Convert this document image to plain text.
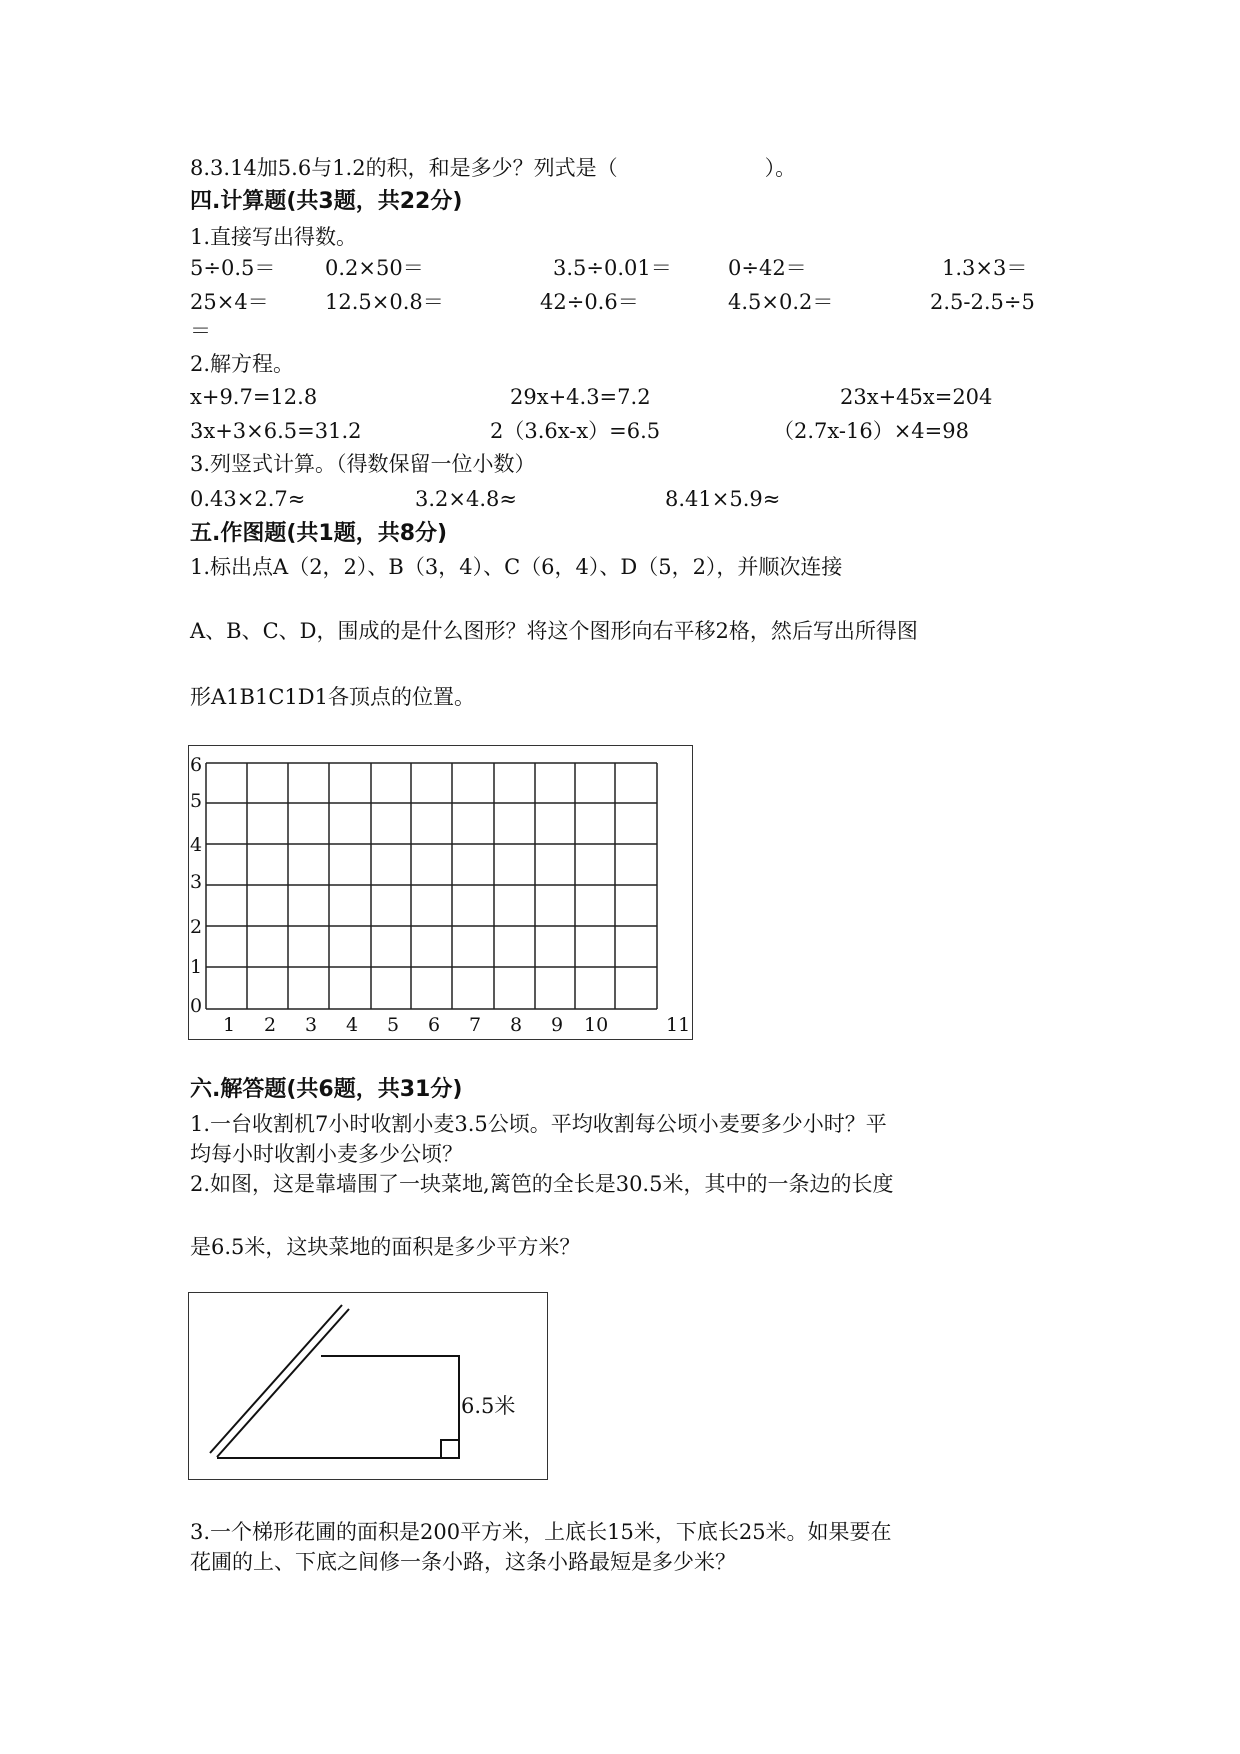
8.3.14加5.6与1.2的积，和是多少？列式是（　　　　　　　）。
四.计算题(共3题，共22分)
1.直接写出得数。
5÷0.5＝ 0.2×50＝	3.5÷0.01＝	0÷42＝	1.3×3＝
25×4＝	12.5×0.8＝	42÷0.6＝	4.5×0.2＝	2.5-2.5÷5
＝
2.解方程。
x+9.7=12.8	29x+4.3=7.2	23x+45x=204
3x+3×6.5=31.2	2（3.6x-x）=6.5	（2.7x-16）×4=98
3.列竖式计算。（得数保留一位小数）
0.43×2.7≈	3.2×4.8≈	8.41×5.9≈
五.作图题(共1题，共8分)
1.标出点A（2，2）、B（3，4）、C（6，4）、D（5，2），并顺次连接
A、B、C、D，围成的是什么图形？将这个图形向右平移2格，然后写出所得图
形A1B1C1D1各顶点的位置。
6
5
4
3
2
1
0
1 2 3 4 5 6 7 8 9 10	11
六.解答题(共6题，共31分)
1.一台收割机7小时收割小麦3.5公顷。平均收割每公顷小麦要多少小时？平
均每小时收割小麦多少公顷？
2.如图，这是靠墙围了一块菜地,篱笆的全长是30.5米，其中的一条边的长度
是6.5米，这块菜地的面积是多少平方米？
6.5米
3.一个梯形花圃的面积是200平方米，上底长15米，下底长25米。如果要在
花圃的上、下底之间修一条小路，这条小路最短是多少米？
